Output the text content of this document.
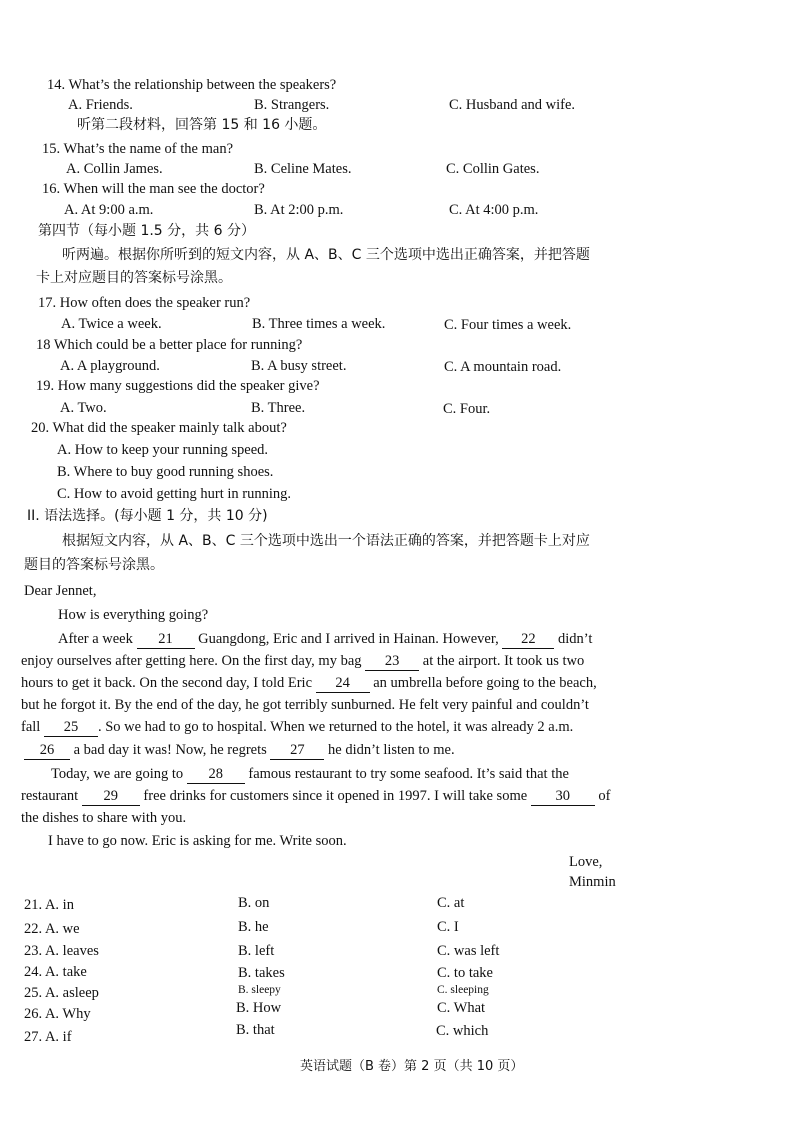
14. What’s the relationship between the speakers?
A. Friends.	B. Strangers.	C. Husband and wife.
听第二段材料，回答第 15 和 16 小题。
15. What’s the name of the man?
A. Collin James.	B. Celine Mates.	C. Collin Gates.
16. When will the man see the doctor?
A. At 9:00 a.m.	B. At 2:00 p.m.	C. At 4:00 p.m.
第四节（每小题 1.5 分，共 6 分）
听两遍。根据你所听到的短文内容，从 A、B、C 三个选项中选出正确答案，并把答题
卡上对应题目的答案标号涂黑。
17. How often does the speaker run?
A. Twice a week.	B. Three times a week.	C. Four times a week.
18 Which could be a better place for running?
A. A playground.	B. A busy street.	C. A mountain road.
19. How many suggestions did the speaker give?
A. Two.	B. Three.	C. Four.
20. What did the speaker mainly talk about?
A. How to keep your running speed.
B. Where to buy good running shoes.
C. How to avoid getting hurt in running.
II. 语法选择。(每小题 1 分，共 10 分)
根据短文内容，从 A、B、C 三个选项中选出一个语法正确的答案，并把答题卡上对应
题目的答案标号涂黑。
Dear Jennet,
How is everything going?
After a week 21 Guangdong, Eric and I arrived in Hainan. However, 22 didn’t
enjoy ourselves after getting here. On the first day, my bag 23 at the airport. It took us two
hours to get it back. On the second day, I told Eric 24 an umbrella before going to the beach,
but he forgot it. By the end of the day, he got terribly sunburned. He felt very painful and couldn’t
fall 25 . So we had to go to hospital. When we returned to the hotel, it was already 2 a.m.
26 a bad day it was! Now, he regrets 27 he didn’t listen to me.
Today, we are going to 28 famous restaurant to try some seafood. It’s said that the
restaurant 29 free drinks for customers since it opened in 1997. I will take some 30 of
the dishes to share with you.
I have to go now. Eric is asking for me. Write soon.
Love,
Minmin
21. A. in	B. on	C. at
22. A. we	B. he	C. I
23. A. leaves	B. left	C. was left
24. A. take	B. takes	C. to take
25. A. asleep	B. sleepy	C. sleeping
26. A. Why	B. How	C. What
27. A. if	B. that	C. which
英语试题（B 卷）第 2 页（共 10 页）
